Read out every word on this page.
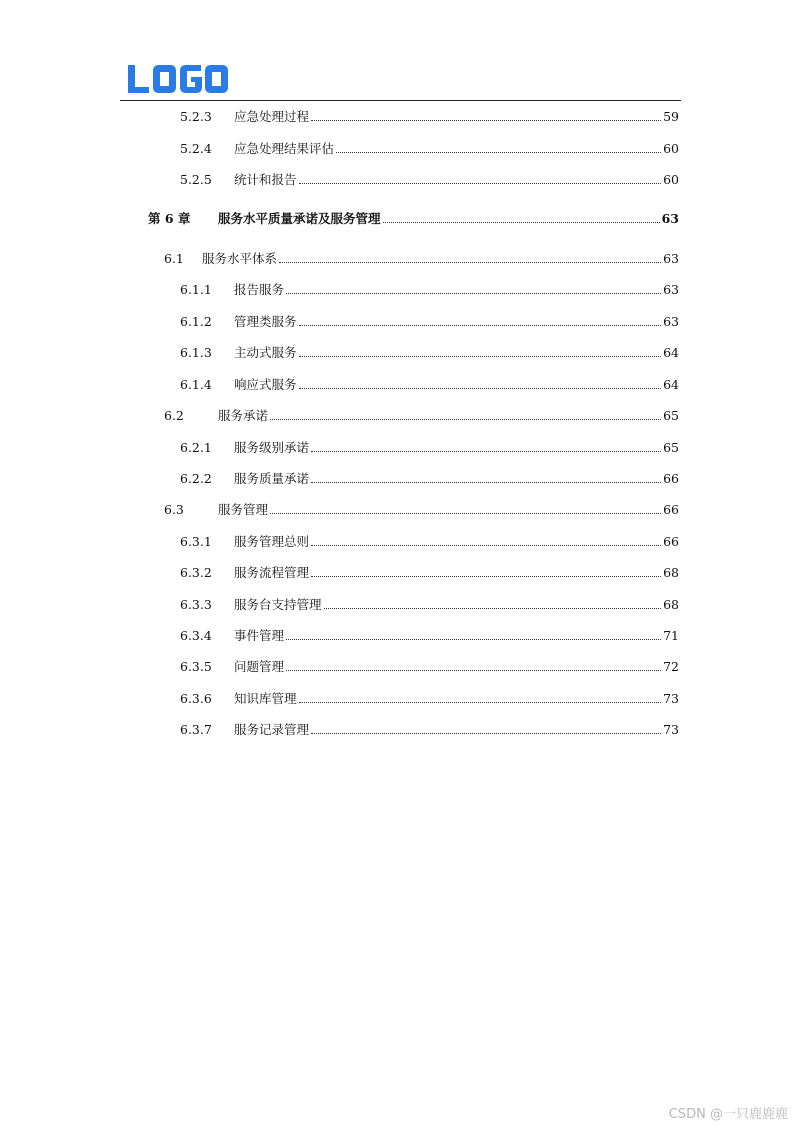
5.2.3	应急处理过程	59
5.2.4	应急处理结果评估	60
5.2.5	统计和报告	60
第 6 章	服务水平质量承诺及服务管理	63
6.1	服务水平体系	63
6.1.1	报告服务	63
6.1.2	管理类服务	63
6.1.3	主动式服务	64
6.1.4	响应式服务	64
6.2	服务承诺	65
6.2.1	服务级别承诺	65
6.2.2	服务质量承诺	66
6.3	服务管理	66
6.3.1	服务管理总则	66
6.3.2	服务流程管理	68
6.3.3	服务台支持管理	68
6.3.4	事件管理	71
6.3.5	问题管理	72
6.3.6	知识库管理	73
6.3.7	服务记录管理	73
CSDN @一只鹿鹿鹿
